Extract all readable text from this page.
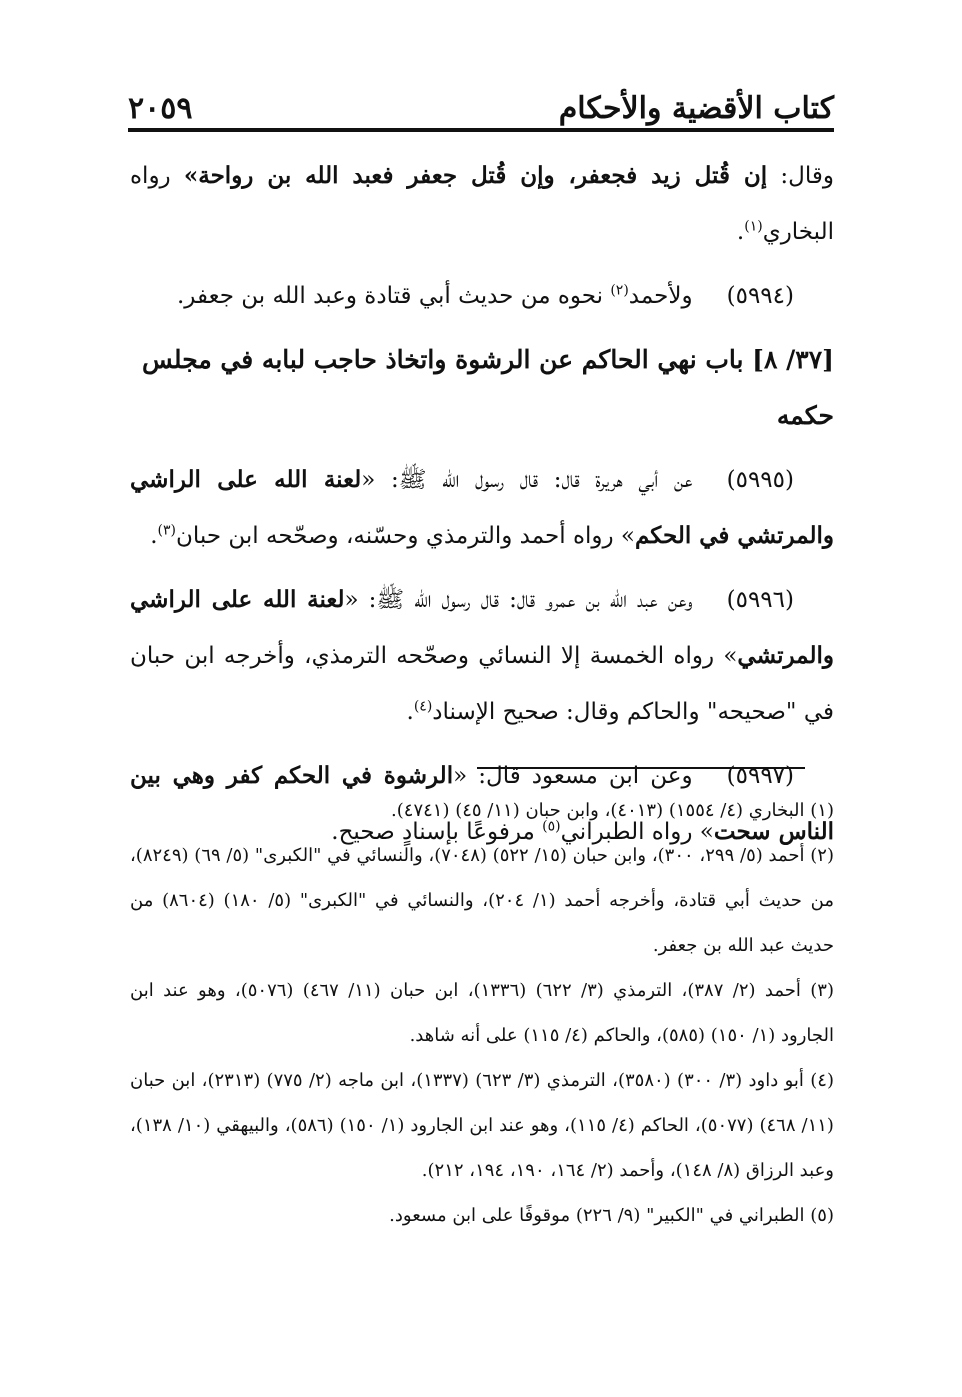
كتاب الأقضية والأحكام
٢٠٥٩

وقال: إن قُتل زيد فجعفر، وإن قُتل جعفر فعبد الله بن رواحة» رواه البخاري$^{(١)}$.

(٥٩٩٤)ولأحمد$^{(٢)}$ نحوه من حديث أبي قتادة وعبد الله بن جعفر.

[٣٧/ ٨] باب نهي الحاكم عن الرشوة واتخاذ حاجب لبابه في مجلس حكمه

(٥٩٩٥)عن أبي هريرة قال: قال رسول الله ﷺ: «لعنة الله على الراشي والمرتشي في الحكم» رواه أحمد والترمذي وحسّنه، وصحّحه ابن حبان$^{(٣)}$.

(٥٩٩٦)وعن عبد الله بن عمرو قال: قال رسول الله ﷺ: «لعنة الله على الراشي والمرتشي» رواه الخمسة إلا النسائي وصحّحه الترمذي، وأخرجه ابن حبان في "صحيحه" والحاكم وقال: صحيح الإسناد$^{(٤)}$.

(٥٩٩٧)وعن ابن مسعود قال: «الرشوة في الحكم كفر وهي بين الناس سحت» رواه الطبراني$^{(٥)}$ مرفوعًا بإسنادٍ صحيح.

(١) البخاري (٤/ ١٥٥٤) (٤٠١٣)، وابن حبان (١١/ ٤٥) (٤٧٤١).

(٢) أحمد (٥/ ٢٩٩، ٣٠٠)، وابن حبان (١٥/ ٥٢٢) (٧٠٤٨)، والنسائي في "الكبرى" (٥/ ٦٩) (٨٢٤٩)، من حديث أبي قتادة، وأخرجه أحمد (١/ ٢٠٤)، والنسائي في "الكبرى" (٥/ ١٨٠) (٨٦٠٤) من حديث عبد الله بن جعفر.

(٣) أحمد (٢/ ٣٨٧)، الترمذي (٣/ ٦٢٢) (١٣٣٦)، ابن حبان (١١/ ٤٦٧) (٥٠٧٦)، وهو عند ابن الجارود (١/ ١٥٠) (٥٨٥)، والحاكم (٤/ ١١٥) على أنه شاهد.

(٤) أبو داود (٣/ ٣٠٠) (٣٥٨٠)، الترمذي (٣/ ٦٢٣) (١٣٣٧)، ابن ماجه (٢/ ٧٧٥) (٢٣١٣)، ابن حبان (١١/ ٤٦٨) (٥٠٧٧)، الحاكم (٤/ ١١٥)، وهو عند ابن الجارود (١/ ١٥٠) (٥٨٦)، والبيهقي (١٠/ ١٣٨)، وعبد الرزاق (٨/ ١٤٨)، وأحمد (٢/ ١٦٤، ١٩٠، ١٩٤، ٢١٢).

(٥) الطبراني في "الكبير" (٩/ ٢٢٦) موقوفًا على ابن مسعود.
